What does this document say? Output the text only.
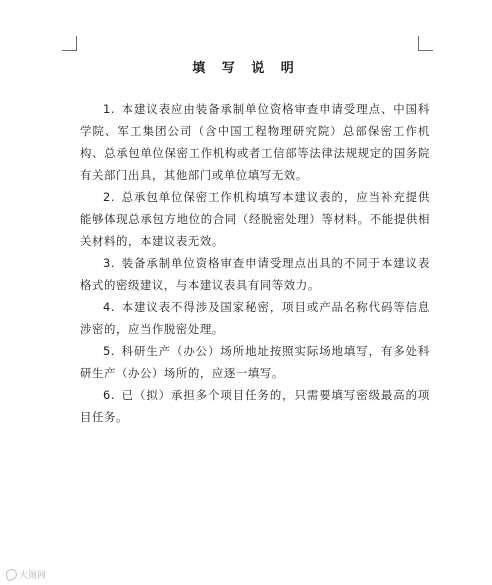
填 写 说 明

1. 本建议表应由装备承制单位资格审查申请受理点、中国科学院、军工集团公司（含中国工程物理研究院）总部保密工作机构、总承包单位保密工作机构或者工信部等法律法规规定的国务院有关部门出具，其他部门或单位填写无效。

2. 总承包单位保密工作机构填写本建议表的，应当补充提供能够体现总承包方地位的合同（经脱密处理）等材料。不能提供相关材料的，本建议表无效。

3. 装备承制单位资格审查申请受理点出具的不同于本建议表格式的密级建议，与本建议表具有同等效力。

4. 本建议表不得涉及国家秘密，项目或产品名称代码等信息涉密的，应当作脱密处理。

5. 科研生产（办公）场所地址按照实际场地填写，有多处科研生产（办公）场所的，应逐一填写。

6. 已（拟）承担多个项目任务的，只需要填写密级最高的项目任务。

大图网
